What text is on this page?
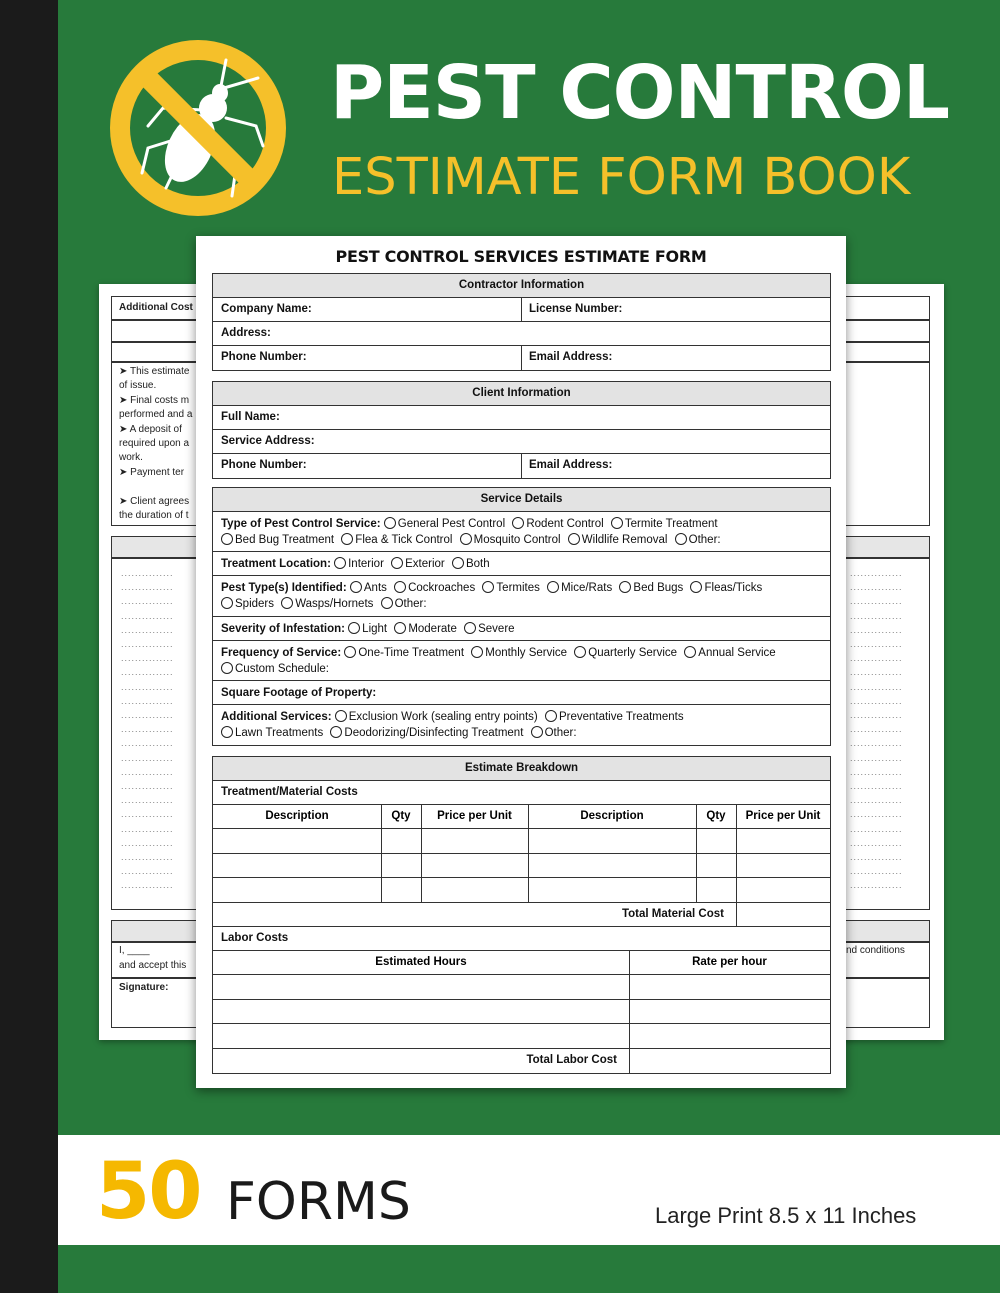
PEST CONTROL
ESTIMATE FORM BOOK
Additional Cost
➤ This estimate
of issue.
➤ Final costs m
performed and a
➤ A deposit of
required upon a
work.
➤ Payment ter
➤ Client agrees
the duration of t
...............
...............
...............
...............
...............
...............
...............
...............
...............
...............
...............
...............
...............
...............
...............
...............
...............
...............
...............
...............
...............
...............
...............
I, ____
and accept this
Signature:
...............
...............
...............
...............
...............
...............
...............
...............
...............
...............
...............
...............
...............
...............
...............
...............
...............
...............
...............
...............
...............
...............
...............
nd conditions
PEST CONTROL SERVICES ESTIMATE FORM
Contractor Information
Company Name:	License Number:
Address:
Phone Number:	Email Address:
Client Information
Full Name:
Service Address:
Phone Number:	Email Address:
Service Details
Type of Pest Control Service: General Pest Control Rodent Control Termite Treatment
Bed Bug Treatment Flea & Tick Control Mosquito Control Wildlife Removal Other:
Treatment Location: Interior Exterior Both
Pest Type(s) Identified: Ants Cockroaches Termites Mice/Rats Bed Bugs Fleas/Ticks
Spiders Wasps/Hornets Other:
Severity of Infestation: Light Moderate Severe
Frequency of Service: One-Time Treatment Monthly Service Quarterly Service Annual Service
Custom Schedule:
Square Footage of Property:
Additional Services: Exclusion Work (sealing entry points) Preventative Treatments
Lawn Treatments Deodorizing/Disinfecting Treatment Other:
Estimate Breakdown
Treatment/Material Costs
Description	Qty	Price per Unit	Description	Qty	Price per Unit
Total Material Cost
Labor Costs
Estimated Hours	Rate per hour
Total Labor Cost
50 FORMS	Large Print 8.5 x 11 Inches
